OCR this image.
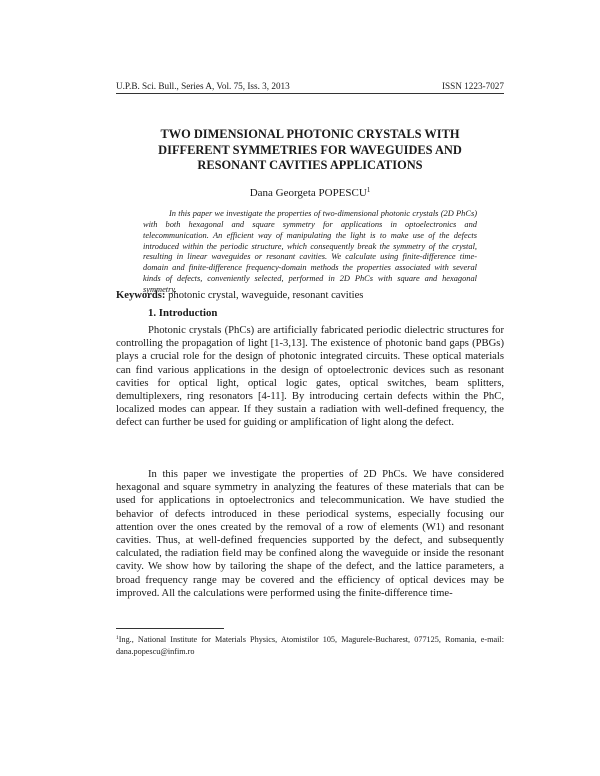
U.P.B. Sci. Bull., Series A, Vol. 75, Iss. 3, 2013	ISSN 1223-7027
TWO DIMENSIONAL PHOTONIC CRYSTALS WITH
DIFFERENT SYMMETRIES FOR WAVEGUIDES AND
RESONANT CAVITIES APPLICATIONS
Dana Georgeta POPESCU$^1$

In this paper we investigate the properties of two-dimensional photonic crystals (2D PhCs) with both hexagonal and square symmetry for applications in optoelectronics and telecommunication. An efficient way of manipulating the light is to make use of the defects introduced within the periodic structure, which consequently break the symmetry of the crystal, resulting in linear waveguides or resonant cavities. We calculate using finite-difference time-domain and finite-difference frequency-domain methods the properties associated with several kinds of defects, conveniently selected, performed in 2D PhCs with square and hexagonal symmetry.

Keywords: photonic crystal, waveguide, resonant cavities

1. Introduction

Photonic crystals (PhCs) are artificially fabricated periodic dielectric structures for controlling the propagation of light [1-3,13]. The existence of photonic band gaps (PBGs) plays a crucial role for the design of photonic integrated circuits. These optical materials can find various applications in the design of optoelectronic devices such as resonant cavities for optical light, optical logic gates, optical switches, beam splitters, demultiplexers, ring resonators [4-11]. By introducing certain defects within the PhC, localized modes can appear. If they sustain a radiation with well-defined frequency, the defect can further be used for guiding or amplification of light along the defect.

In this paper we investigate the properties of 2D PhCs. We have considered hexagonal and square symmetry in analyzing the features of these materials that can be used for applications in optoelectronics and telecommunication. We have studied the behavior of defects introduced in these periodical systems, especially focusing our attention over the ones created by the removal of a row of elements (W1) and resonant cavities. Thus, at well-defined frequencies supported by the defect, and subsequently calculated, the radiation field may be confined along the waveguide or inside the resonant cavity. We show how by tailoring the shape of the defect, and the lattice parameters, a broad frequency range may be covered and the efficiency of optical devices may be improved. All the calculations were performed using the finite-difference time-

$^1$Ing., National Institute for Materials Physics, Atomistilor 105, Magurele-Bucharest, 077125, Romania, e-mail: dana.popescu@infim.ro
